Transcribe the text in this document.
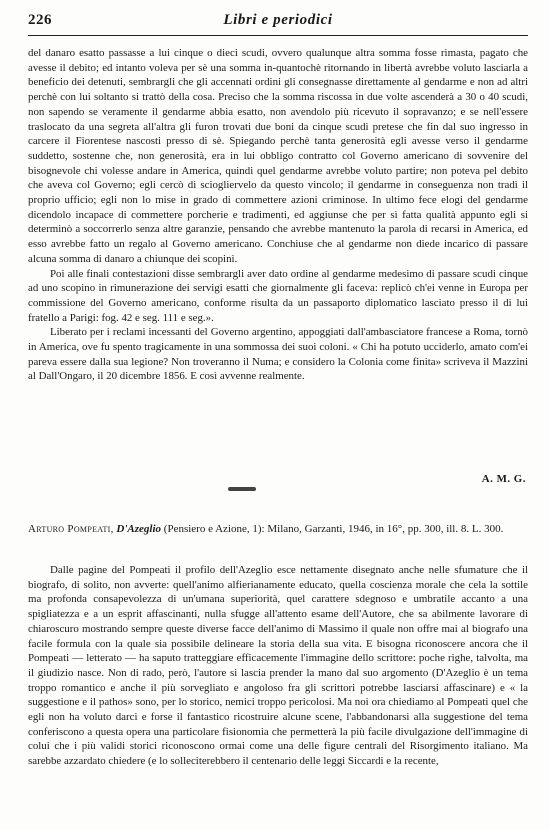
226	Libri e periodici

del danaro esatto passasse a lui cinque o dieci scudi, ovvero qualunque altra somma fosse rimasta, pagato che avesse il debito; ed intanto voleva per sè una somma in-quantochè ritornando in libertà avrebbe voluto lasciarla a beneficio dei detenuti, sembrargli che gli accennati ordini gli consegnasse direttamente al gendarme e non ad altri perchè con lui soltanto si trattò della cosa. Preciso che la somma riscossa in due volte ascenderà a 30 o 40 scudi, non sapendo se veramente il gendarme abbia esatto, non avendolo più ricevuto il sopravanzo; e se nell'essere traslocato da una segreta all'altra gli furon trovati due boni da cinque scudi pretese che fin dal suo ingresso in carcere il Fiorentese nascosti presso di sè. Spiegando perchè tanta generosità egli avesse verso il gendarme suddetto, sostenne che, non generosità, era in lui obbligo contratto col Governo americano di sovvenire del bisognevole chi volesse andare in America, quindi quel gendarme avrebbe voluto partire; non poteva pel debito che aveva col Governo; egli cercò di sciogliervelo da questo vincolo; il gendarme in conseguenza non tradì il proprio ufficio; egli non lo mise in grado di commettere azioni criminose. In ultimo fece elogi del gendarme dicendolo incapace di commettere porcherie e tradimenti, ed aggiunse che per sì fatta qualità appunto egli si determinò a soccorrerlo senza altre garanzie, pensando che avrebbe mantenuto la parola di recarsi in America, ed esso avrebbe fatto un regalo al Governo americano. Conchiuse che al gendarme non diede incarico di passare alcuna somma di danaro a chiunque dei scopini.

Poi alle finali contestazioni disse sembrargli aver dato ordine al gendarme medesimo di passare scudi cinque ad uno scopino in rimunerazione dei servigi esatti che giornalmente gli faceva: replicò ch'ei venne in Europa per commissione del Governo americano, conforme risulta da un passaporto diplomatico lasciato presso il di lui fratello a Parigi: fog. 42 e seg. 111 e seg.».

Liberato per i reclami incessanti del Governo argentino, appoggiati dall'ambasciatore francese a Roma, tornò in America, ove fu spento tragicamente in una sommossa dei suoi coloni. « Chi ha potuto ucciderlo, amato com'ei pareva essere dalla sua legione? Non troveranno il Numa; e considero la Colonia come finita» scriveva il Mazzini al Dall'Ongaro, il 20 dicembre 1856. E così avvenne realmente.

A. M. G.
Arturo Pompeati, D'Azeglio (Pensiero e Azione, 1): Milano, Garzanti, 1946, in 16°, pp. 300, ill. 8. L. 300.

Dalle pagine del Pompeati il profilo dell'Azeglio esce nettamente disegnato anche nelle sfumature che il biografo, di solito, non avverte: quell'animo alfierianamente educato, quella coscienza morale che cela la sottile ma profonda consapevolezza di un'umana superiorità, quel carattere sdegnoso e umbratile accanto a una spigliatezza e a un esprit affascinanti, nulla sfugge all'attento esame dell'Autore, che sa abilmente lavorare di chiaroscuro mostrando sempre queste diverse facce dell'animo di Massimo il quale non offre mai al biografo una facile formula con la quale sia possibile delineare la storia della sua vita. E bisogna riconoscere ancora che il Pompeati — letterato — ha saputo tratteggiare efficacemente l'immagine dello scrittore: poche righe, talvolta, ma il giudizio nasce. Non di rado, però, l'autore si lascia prender la mano dal suo argomento (D'Azeglio è un tema troppo romantico e anche il più sorvegliato e angoloso fra gli scrittori potrebbe lasciarsi affascinare) e « la suggestione e il pathos» sono, per lo storico, nemici troppo pericolosi. Ma noi ora chiediamo al Pompeati quel che egli non ha voluto darci e forse il fantastico ricostruire alcune scene, l'abbandonarsi alla suggestione del tema conferiscono a questa opera una particolare fisionomia che permetterà la più facile divulgazione dell'immagine di colui che i più validi storici riconoscono ormai come una delle figure centrali del Risorgimento italiano. Ma sarebbe azzardato chiedere (e lo solleciterebbero il centenario delle leggi Siccardi e la recente,
